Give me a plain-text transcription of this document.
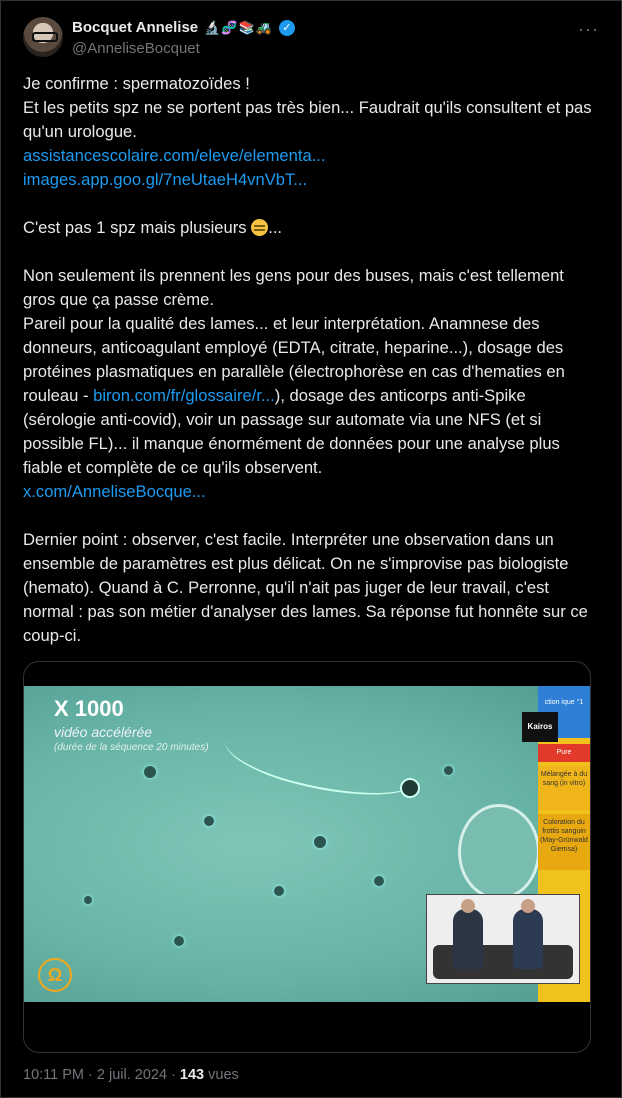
Bocquet Annelise 🔬🧬📚🚜 ✓
@AnneliseBocquet
···

Je confirme : spermatozoïdes !

Et les petits spz ne se portent pas très bien... Faudrait qu'ils consultent et pas qu'un urologue.

assistancescolaire.com/eleve/elementa...

images.app.goo.gl/7neUtaeH4vnVbT...

C'est pas 1 spz mais plusieurs ...

Non seulement ils prennent les gens pour des buses, mais c'est tellement gros que ça passe crème.

Pareil pour la qualité des lames... et leur interprétation. Anamnese des donneurs, anticoagulant employé (EDTA, citrate, heparine...), dosage des protéines plasmatiques en parallèle (électrophorèse en cas d'hematies en rouleau - biron.com/fr/glossaire/r...), dosage des anticorps anti-Spike (sérologie anti-covid), voir un passage sur automate via une NFS (et si possible FL)... il manque énormément de données pour une analyse plus fiable et complète de ce qu'ils observent.

x.com/AnneliseBocque...

Dernier point : observer, c'est facile. Interpréter une observation dans un ensemble de paramètres est plus délicat. On ne s'improvise pas biologiste (hemato). Quand à C. Perronne, qu'il n'ait pas juger de leur travail, c'est normal : pas son métier d'analyser des lames. Sa réponse fut honnête sur ce coup-ci.

X 1000
vidéo accélérée
(durée de la séquence 20 minutes)
ction ique °1
Pure
Mélangée à du sang (in vitro)
Coloration du frottis sanguin (May-Grünwald Giemsa)
Kairos
Ω
10:11 PM · 2 juil. 2024 · 143 vues
